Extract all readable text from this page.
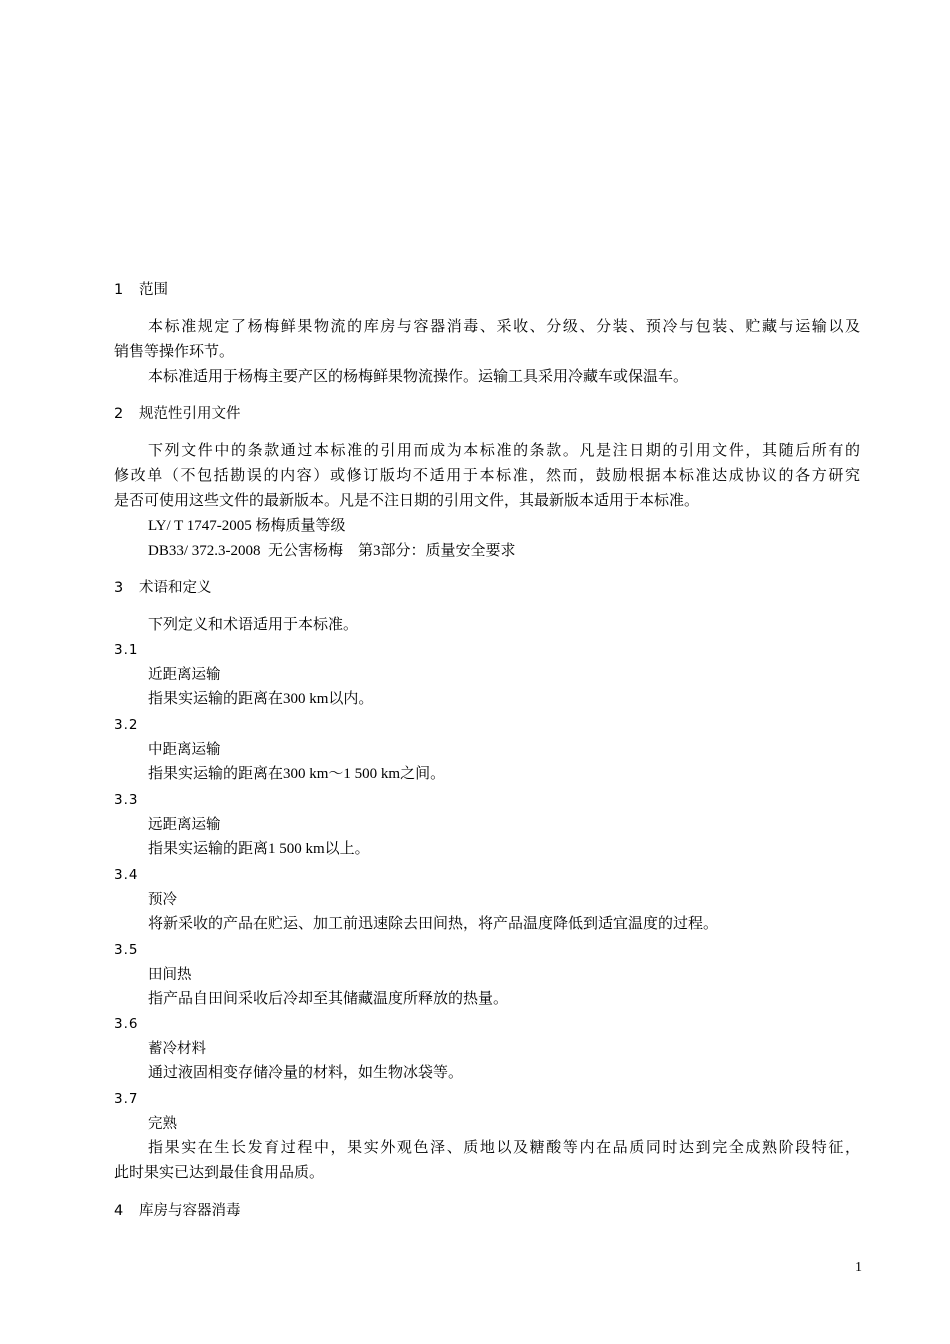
1 范围
本标准规定了杨梅鲜果物流的库房与容器消毒、采收、分级、分装、预冷与包装、贮藏与运输以及
销售等操作环节。
本标准适用于杨梅主要产区的杨梅鲜果物流操作。运输工具采用冷藏车或保温车。
2 规范性引用文件
下列文件中的条款通过本标准的引用而成为本标准的条款。凡是注日期的引用文件，其随后所有的
修改单（不包括勘误的内容）或修订版均不适用于本标准，然而，鼓励根据本标准达成协议的各方研究
是否可使用这些文件的最新版本。凡是不注日期的引用文件，其最新版本适用于本标准。
LY/ T 1747-2005 杨梅质量等级
DB33/ 372.3-2008  无公害杨梅    第3部分：质量安全要求
3 术语和定义
下列定义和术语适用于本标准。
3.1
近距离运输
指果实运输的距离在300 km以内。
3.2
中距离运输
指果实运输的距离在300 km～1 500 km之间。
3.3
远距离运输
指果实运输的距离1 500 km以上。
3.4
预冷
将新采收的产品在贮运、加工前迅速除去田间热，将产品温度降低到适宜温度的过程。
3.5
田间热
指产品自田间采收后冷却至其储藏温度所释放的热量。
3.6
蓄冷材料
通过液固相变存储冷量的材料，如生物冰袋等。
3.7
完熟
指果实在生长发育过程中，果实外观色泽、质地以及糖酸等内在品质同时达到完全成熟阶段特征，
此时果实已达到最佳食用品质。
4 库房与容器消毒
1
